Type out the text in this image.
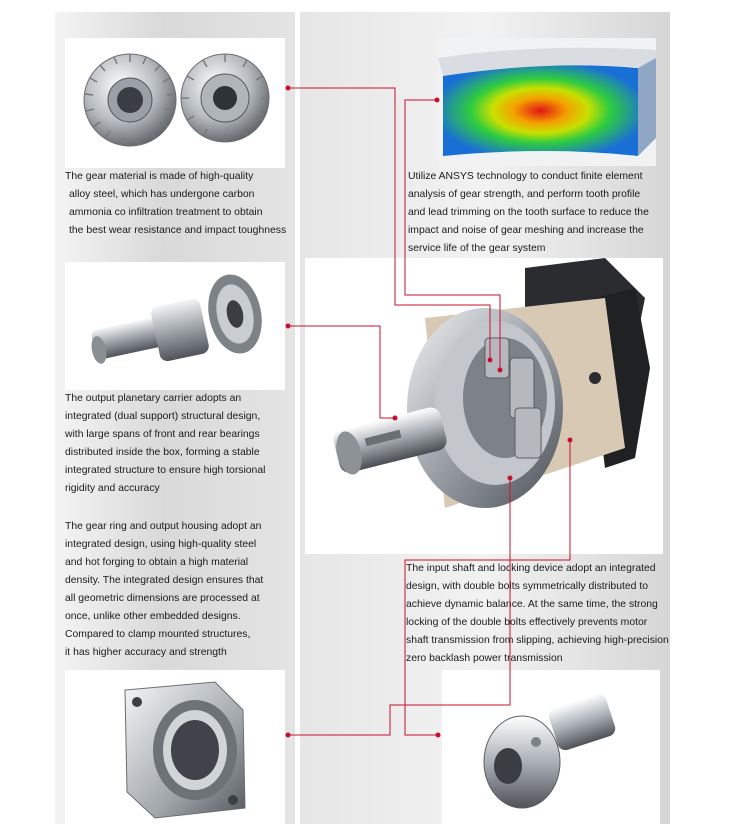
The gear material is made of high-quality
alloy steel, which has undergone carbon
ammonia co infiltration treatment to obtain
the best wear resistance and impact toughness
Utilize ANSYS technology to conduct finite element
analysis of gear strength, and perform tooth profile
and lead trimming on the tooth surface to reduce the
impact and noise of gear meshing and increase the
service life of the gear system
The output planetary carrier adopts an
integrated (dual support) structural design,
with large spans of front and rear bearings
distributed inside the box, forming a stable
integrated structure to ensure high torsional
rigidity and accuracy
The gear ring and output housing adopt an
integrated design, using high-quality steel
and hot forging to obtain a high material
density. The integrated design ensures that
all geometric dimensions are processed at
once, unlike other embedded designs.
Compared to clamp mounted structures,
it has higher accuracy and strength
The input shaft and locking device adopt an integrated
design, with double bolts symmetrically distributed to
achieve dynamic balance. At the same time, the strong
locking of the double bolts effectively prevents motor
shaft transmission from slipping, achieving high-precision
zero backlash power transmission
